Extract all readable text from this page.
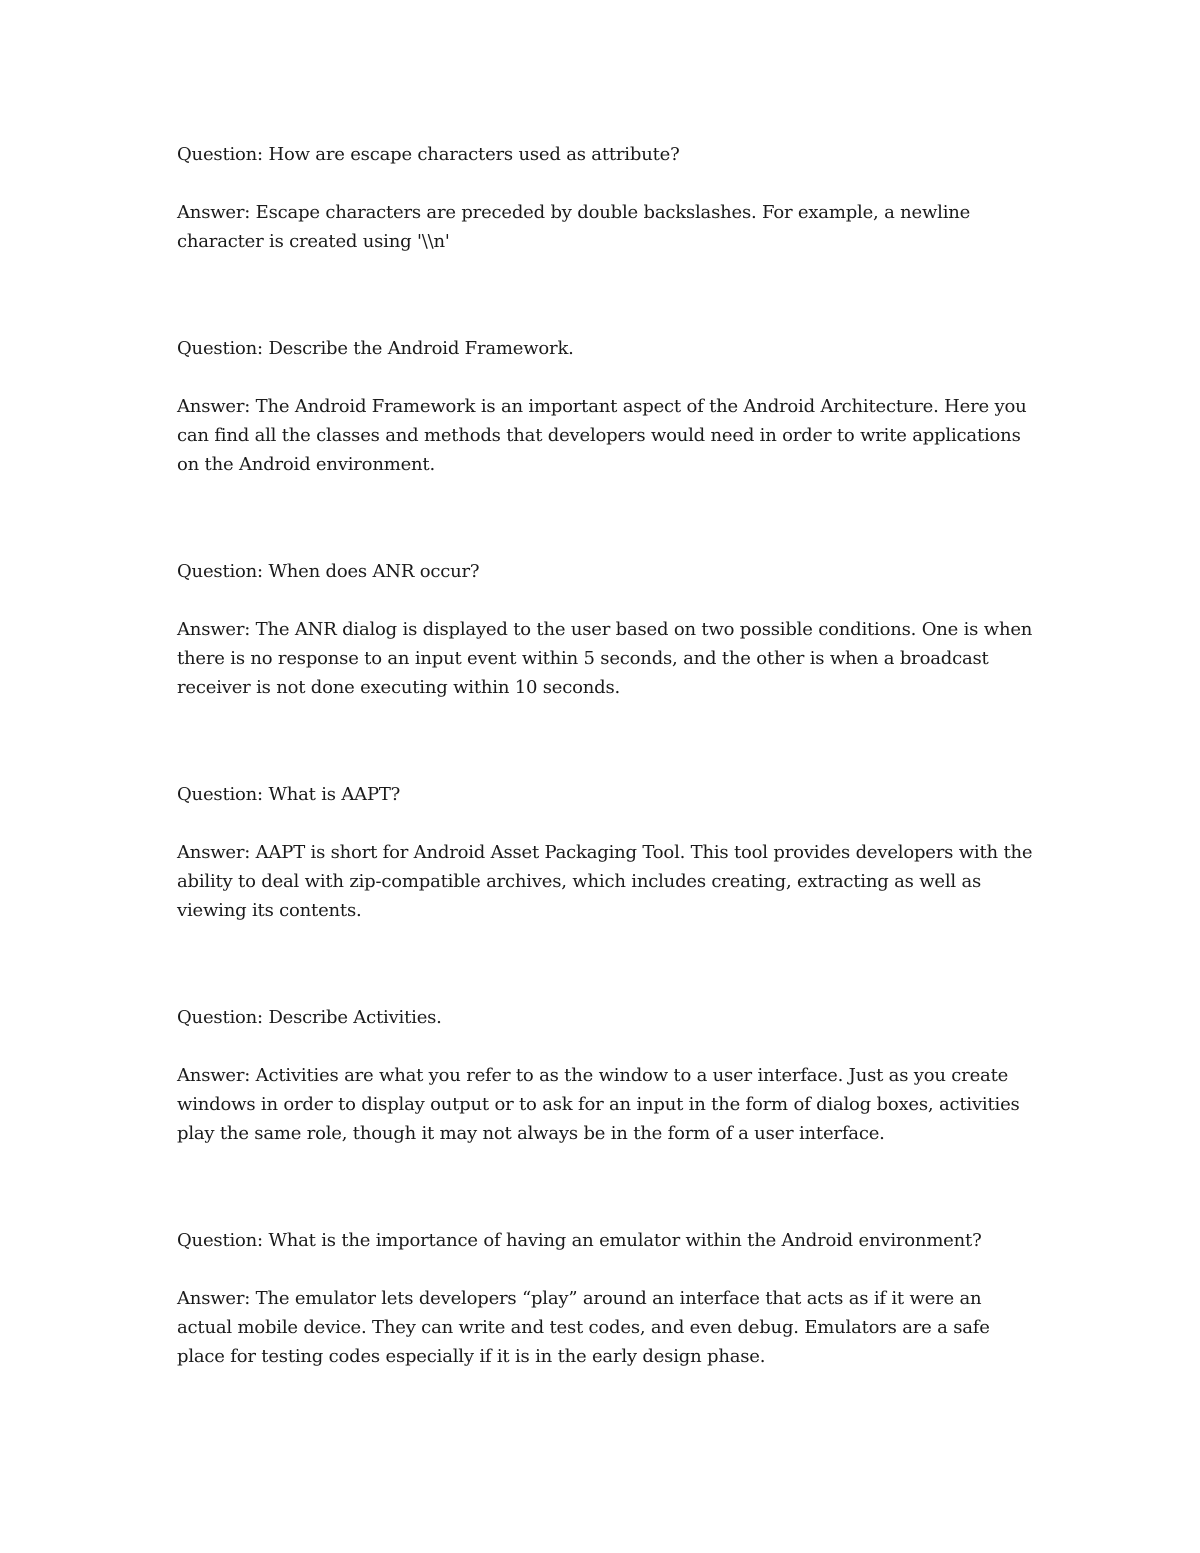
Question: How are escape characters used as attribute?

Answer: Escape characters are preceded by double backslashes. For example, a newline character is created using '\\n'

Question: Describe the Android Framework.

Answer: The Android Framework is an important aspect of the Android Architecture. Here you can find all the classes and methods that developers would need in order to write applications on the Android environment.

Question: When does ANR occur?

Answer: The ANR dialog is displayed to the user based on two possible conditions. One is when there is no response to an input event within 5 seconds, and the other is when a broadcast receiver is not done executing within 10 seconds.

Question: What is AAPT?

Answer: AAPT is short for Android Asset Packaging Tool. This tool provides developers with the ability to deal with zip-compatible archives, which includes creating, extracting as well as viewing its contents.

Question: Describe Activities.

Answer: Activities are what you refer to as the window to a user interface. Just as you create windows in order to display output or to ask for an input in the form of dialog boxes, activities play the same role, though it may not always be in the form of a user interface.

Question: What is the importance of having an emulator within the Android environment?

Answer: The emulator lets developers “play” around an interface that acts as if it were an actual mobile device. They can write and test codes, and even debug. Emulators are a safe place for testing codes especially if it is in the early design phase.
